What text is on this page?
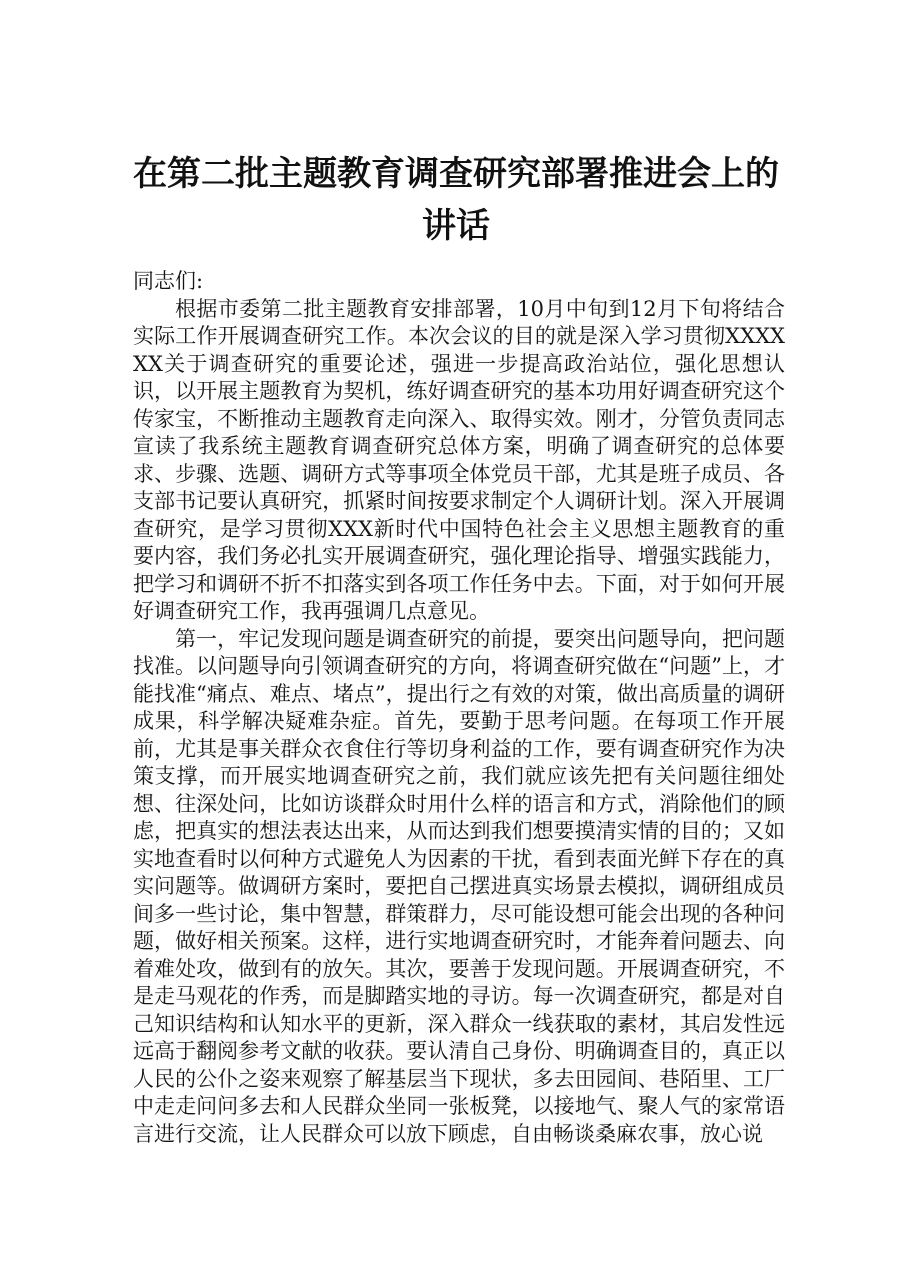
在第二批主题教育调查研究部署推进会上的讲话

同志们:

根据市委第二批主题教育安排部署，10月中旬到12月下旬将结合实际工作开展调查研究工作。本次会议的目的就是深入学习贯彻XXXXXX关于调查研究的重要论述，强进一步提高政治站位，强化思想认识，以开展主题教育为契机，练好调查研究的基本功用好调查研究这个传家宝，不断推动主题教育走向深入、取得实效。刚才，分管负责同志宣读了我系统主题教育调查研究总体方案，明确了调查研究的总体要求、步骤、选题、调研方式等事项全体党员干部，尤其是班子成员、各支部书记要认真研究，抓紧时间按要求制定个人调研计划。深入开展调查研究，是学习贯彻XXX新时代中国特色社会主义思想主题教育的重要内容，我们务必扎实开展调查研究，强化理论指导、增强实践能力，把学习和调研不折不扣落实到各项工作任务中去。下面，对于如何开展好调查研究工作，我再强调几点意见。

第一，牢记发现问题是调查研究的前提，要突出问题导向，把问题找准。以问题导向引领调查研究的方向，将调查研究做在“问题”上，才能找准“痛点、难点、堵点”，提出行之有效的对策，做出高质量的调研成果，科学解决疑难杂症。首先，要勤于思考问题。在每项工作开展前，尤其是事关群众衣食住行等切身利益的工作，要有调查研究作为决策支撑，而开展实地调查研究之前，我们就应该先把有关问题往细处想、往深处问，比如访谈群众时用什么样的语言和方式，消除他们的顾虑，把真实的想法表达出来，从而达到我们想要摸清实情的目的；又如实地查看时以何种方式避免人为因素的干扰，看到表面光鲜下存在的真实问题等。做调研方案时，要把自己摆进真实场景去模拟，调研组成员间多一些讨论，集中智慧，群策群力，尽可能设想可能会出现的各种问题，做好相关预案。这样，进行实地调查研究时，才能奔着问题去、向着难处攻，做到有的放矢。其次，要善于发现问题。开展调查研究，不是走马观花的作秀，而是脚踏实地的寻访。每一次调查研究，都是对自己知识结构和认知水平的更新，深入群众一线获取的素材，其启发性远远高于翻阅参考文献的收获。要认清自己身份、明确调查目的，真正以人民的公仆之姿来观察了解基层当下现状，多去田园间、巷陌里、工厂中走走问问多去和人民群众坐同一张板凳，以接地气、聚人气的家常语言进行交流，让人民群众可以放下顾虑，自由畅谈桑麻农事，放心说
